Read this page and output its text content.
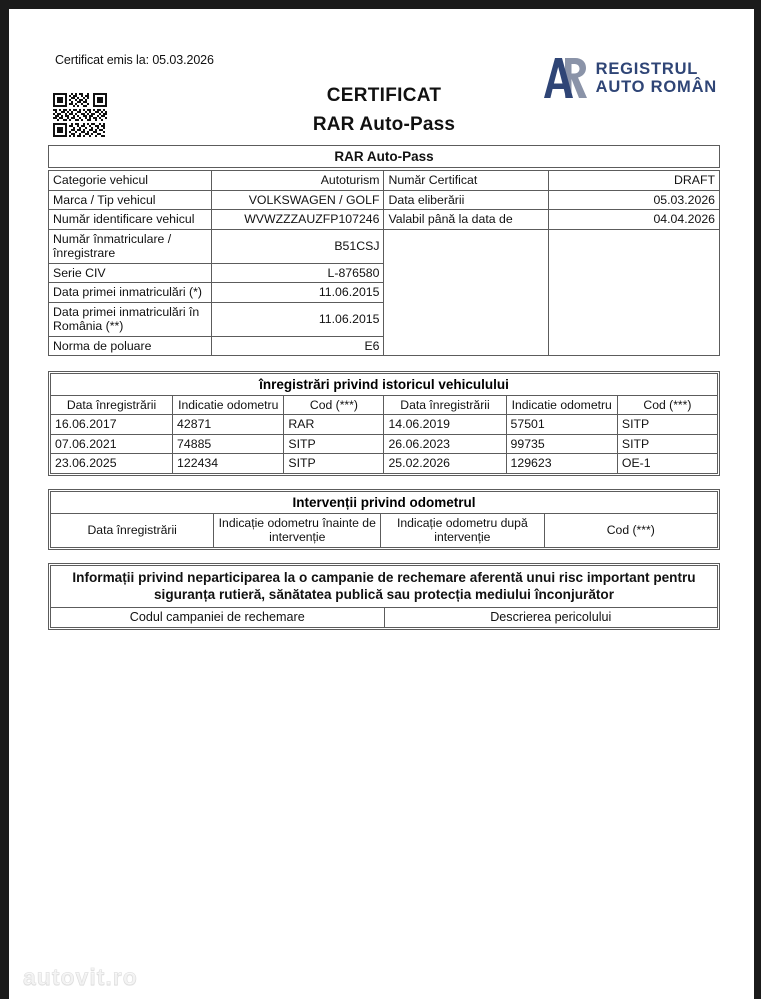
Certificat emis la: 05.03.2026
CERTIFICAT
RAR Auto-Pass
REGISTRUL
AUTO ROMÂN
RAR Auto-Pass
Categorie vehicul	Autoturism	Număr Certificat	DRAFT
Marca / Tip vehicul	VOLKSWAGEN / GOLF	Data eliberării	05.03.2026
Număr identificare vehicul	WVWZZZAUZFP107246	Valabil până la data de	04.04.2026
Număr înmatriculare / înregistrare	B51CSJ		
Serie CIV	L-876580		
Data primei inmatriculări (*)	11.06.2015		
Data primei inmatriculări în România (**)	11.06.2015		
Norma de poluare	E6		
înregistrări privind istoricul vehiculului
Data înregistrării	Indicatie odometru	Cod (***)	Data înregistrării	Indicatie odometru	Cod (***)
16.06.2017	42871	RAR	14.06.2019	57501	SITP
07.06.2021	74885	SITP	26.06.2023	99735	SITP
23.06.2025	122434	SITP	25.02.2026	129623	OE-1
Intervenții privind odometrul
Data înregistrării	Indicație odometru înainte de intervenție	Indicație odometru după intervenție	Cod (***)
Informații privind neparticiparea la o campanie de rechemare aferentă unui risc important pentru siguranța rutieră, sănătatea publică sau protecția mediului înconjurător
Codul campaniei de rechemare	Descrierea pericolului
autovit.ro
